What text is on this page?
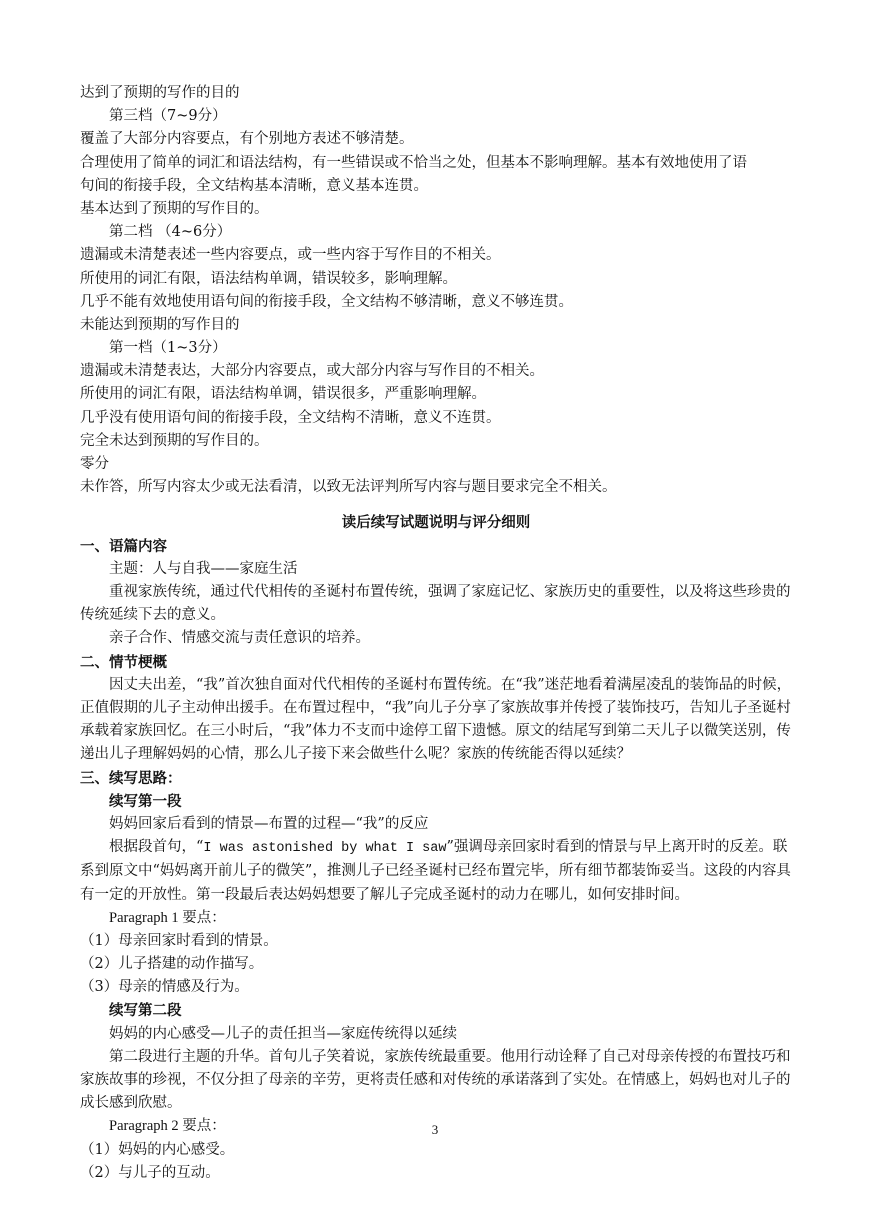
达到了预期的写作的目的
第三档（7~9分）
覆盖了大部分内容要点，有个别地方表述不够清楚。
合理使用了简单的词汇和语法结构，有一些错误或不恰当之处，但基本不影响理解。基本有效地使用了语
句间的衔接手段，全文结构基本清晰，意义基本连贯。
基本达到了预期的写作目的。
第二档 （4~6分）
遗漏或未清楚表述一些内容要点，或一些内容于写作目的不相关。
所使用的词汇有限，语法结构单调，错误较多，影响理解。
几乎不能有效地使用语句间的衔接手段，全文结构不够清晰，意义不够连贯。
未能达到预期的写作目的
第一档（1~3分）
遗漏或未清楚表达，大部分内容要点，或大部分内容与写作目的不相关。
所使用的词汇有限，语法结构单调，错误很多，严重影响理解。
几乎没有使用语句间的衔接手段，全文结构不清晰，意义不连贯。
完全未达到预期的写作目的。
零分
未作答，所写内容太少或无法看清，以致无法评判所写内容与题目要求完全不相关。
读后续写试题说明与评分细则
一、语篇内容
主题：人与自我——家庭生活
重视家族传统，通过代代相传的圣诞村布置传统，强调了家庭记忆、家族历史的重要性，以及将这些珍贵的传统延续下去的意义。
亲子合作、情感交流与责任意识的培养。
二、情节梗概
因丈夫出差，“我”首次独自面对代代相传的圣诞村布置传统。在“我”迷茫地看着满屋凌乱的装饰品的时候，正值假期的儿子主动伸出援手。在布置过程中，“我”向儿子分享了家族故事并传授了装饰技巧，告知儿子圣诞村承载着家族回忆。在三小时后，“我”体力不支而中途停工留下遗憾。原文的结尾写到第二天儿子以微笑送别，传递出儿子理解妈妈的心情，那么儿子接下来会做些什么呢？家族的传统能否得以延续？
三、续写思路：
续写第一段
妈妈回家后看到的情景—布置的过程—“我”的反应
根据段首句，“I was astonished by what I saw”强调母亲回家时看到的情景与早上离开时的反差。联系到原文中“妈妈离开前儿子的微笑”，推测儿子已经圣诞村已经布置完毕，所有细节都装饰妥当。这段的内容具有一定的开放性。第一段最后表达妈妈想要了解儿子完成圣诞村的动力在哪儿，如何安排时间。
Paragraph 1 要点：
（1）母亲回家时看到的情景。
（2）儿子搭建的动作描写。
（3）母亲的情感及行为。
续写第二段
妈妈的内心感受—儿子的责任担当—家庭传统得以延续
第二段进行主题的升华。首句儿子笑着说，家族传统最重要。他用行动诠释了自己对母亲传授的布置技巧和家族故事的珍视，不仅分担了母亲的辛劳，更将责任感和对传统的承诺落到了实处。在情感上，妈妈也对儿子的成长感到欣慰。
Paragraph 2 要点：
（1）妈妈的内心感受。
（2）与儿子的互动。
3
